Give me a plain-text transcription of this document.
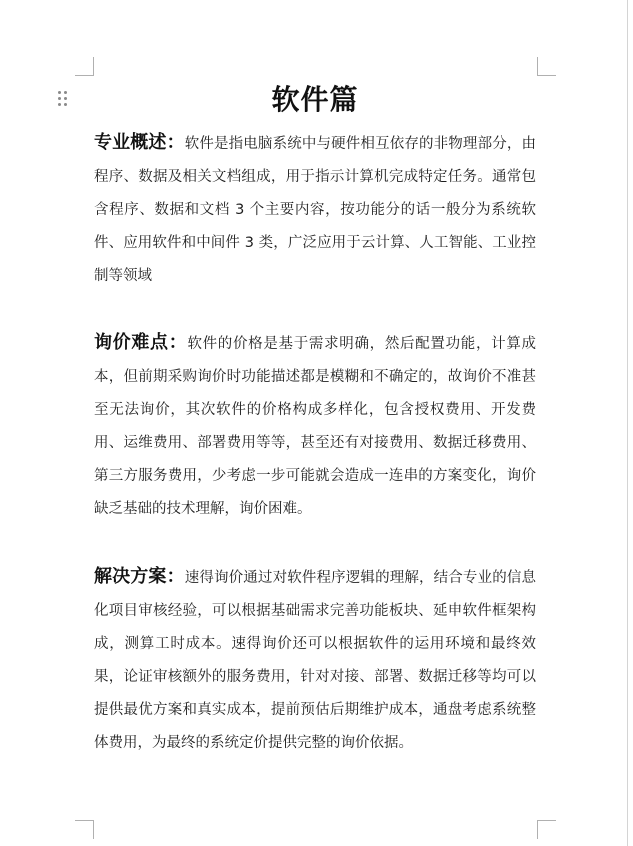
软件篇
专业概述：软件是指电脑系统中与硬件相互依存的非物理部分，由程序、数据及相关文档组成，用于指示计算机完成特定任务。通常包含程序、数据和文档 3 个主要内容，按功能分的话一般分为系统软件、应用软件和中间件 3 类，广泛应用于云计算、人工智能、工业控制等领域
询价难点：软件的价格是基于需求明确，然后配置功能，计算成本，但前期采购询价时功能描述都是模糊和不确定的，故询价不准甚至无法询价，其次软件的价格构成多样化，包含授权费用、开发费用、运维费用、部署费用等等，甚至还有对接费用、数据迁移费用、第三方服务费用，少考虑一步可能就会造成一连串的方案变化，询价缺乏基础的技术理解，询价困难。
解决方案：速得询价通过对软件程序逻辑的理解，结合专业的信息化项目审核经验，可以根据基础需求完善功能板块、延申软件框架构成，测算工时成本。速得询价还可以根据软件的运用环境和最终效果，论证审核额外的服务费用，针对对接、部署、数据迁移等均可以提供最优方案和真实成本，提前预估后期维护成本，通盘考虑系统整体费用，为最终的系统定价提供完整的询价依据。
